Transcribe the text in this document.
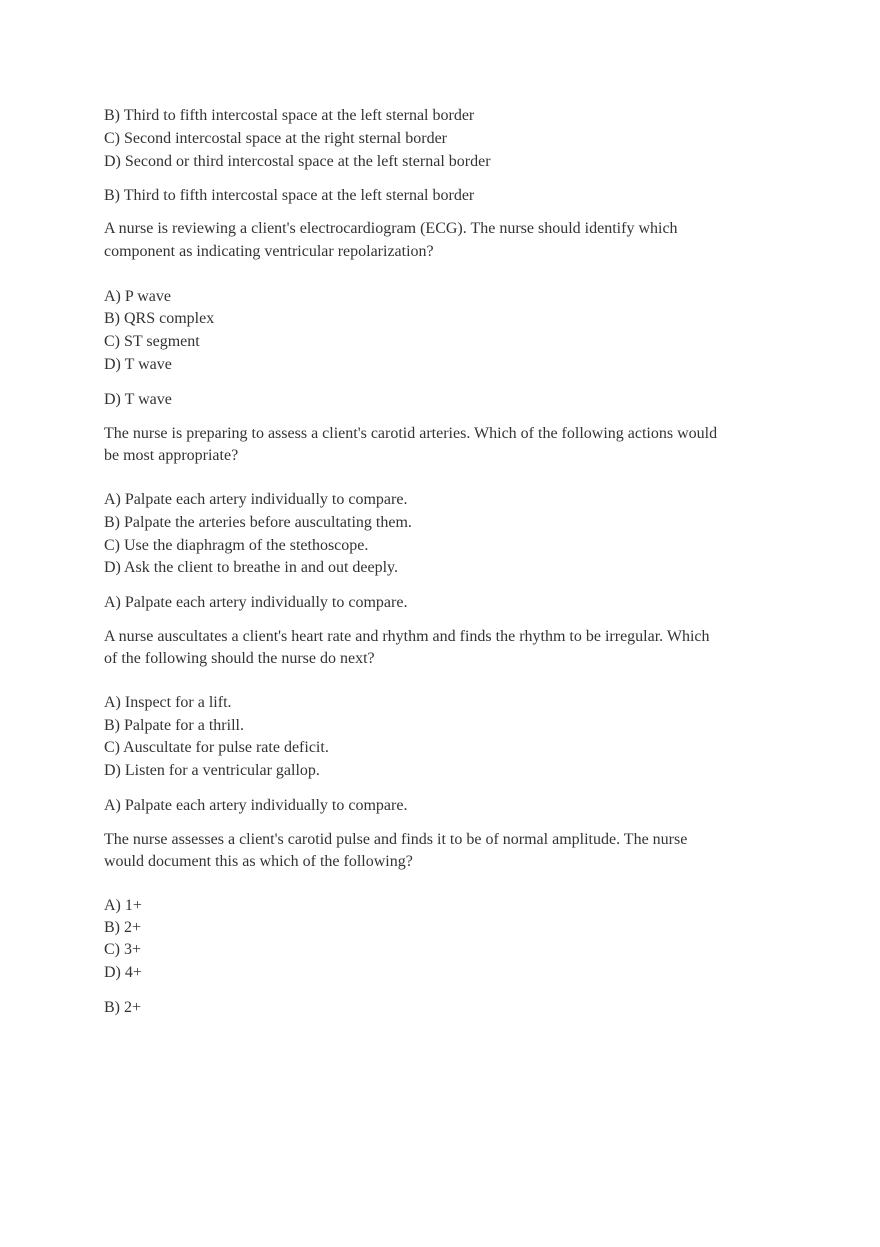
B) Third to fifth intercostal space at the left sternal border
C) Second intercostal space at the right sternal border
D) Second or third intercostal space at the left sternal border
B) Third to fifth intercostal space at the left sternal border
A nurse is reviewing a client's electrocardiogram (ECG). The nurse should identify which
component as indicating ventricular repolarization?
A) P wave
B) QRS complex
C) ST segment
D) T wave
D) T wave
The nurse is preparing to assess a client's carotid arteries. Which of the following actions would
be most appropriate?
A) Palpate each artery individually to compare.
B) Palpate the arteries before auscultating them.
C) Use the diaphragm of the stethoscope.
D) Ask the client to breathe in and out deeply.
A) Palpate each artery individually to compare.
A nurse auscultates a client's heart rate and rhythm and finds the rhythm to be irregular. Which
of the following should the nurse do next?
A) Inspect for a lift.
B) Palpate for a thrill.
C) Auscultate for pulse rate deficit.
D) Listen for a ventricular gallop.
A) Palpate each artery individually to compare.
The nurse assesses a client's carotid pulse and finds it to be of normal amplitude. The nurse
would document this as which of the following?
A) 1+
B) 2+
C) 3+
D) 4+
B) 2+
